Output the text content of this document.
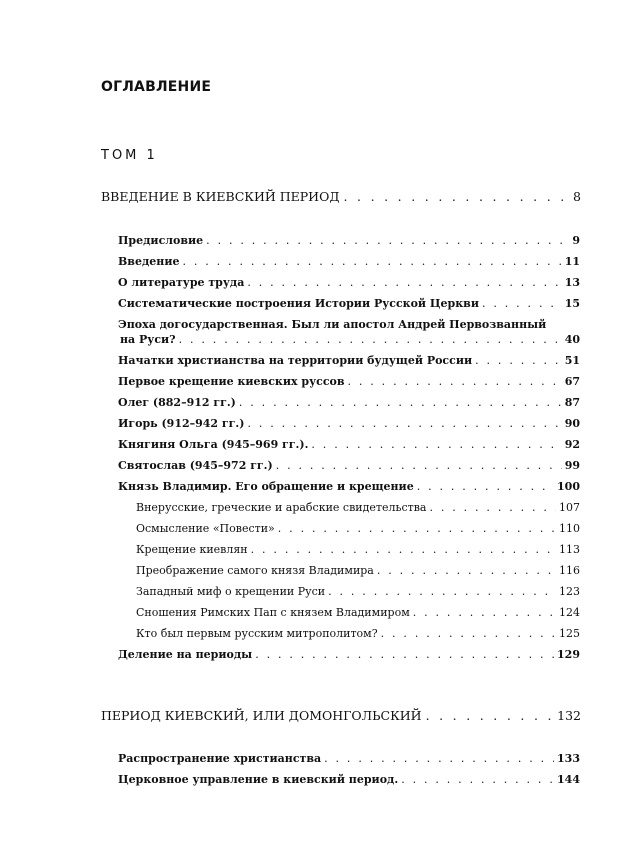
ОГЛАВЛЕНИЕ
ТОМ 1
ВВЕДЕНИЕ В КИЕВСКИЙ ПЕРИОД . . .	8
Предисловие . . .	9
Введение . . .	11
О литературе труда . . .	13
Систематические построения Истории Русской Церкви . . .	15
Эпоха догосударственная. Был ли апостол Андрей Первозванный
на Руси? . . .	40
Начатки христианства на территории будущей России . . .	51
Первое крещение киевских руссов . . .	67
Олег (882–912 гг.) . . .	87
Игорь (912–942 гг.) . . .	90
Княгиня Ольга (945–969 гг.). . . .	92
Святослав (945–972 гг.) . . .	99
Князь Владимир. Его обращение и крещение . . .	100
Внерусские, греческие и арабские свидетельства . . .	107
Осмысление «Повести» . . .	110
Крещение киевлян . . .	113
Преображение самого князя Владимира . . .	116
Западный миф о крещении Руси . . .	123
Сношения Римских Пап с князем Владимиром . . .	124
Кто был первым русским митрополитом? . . .	125
Деление на периоды . . .	129
ПЕРИОД КИЕВСКИЙ, ИЛИ ДОМОНГОЛЬСКИЙ . . .	132
Распространение христианства . . .	133
Церковное управление в киевский период. . . .	144
